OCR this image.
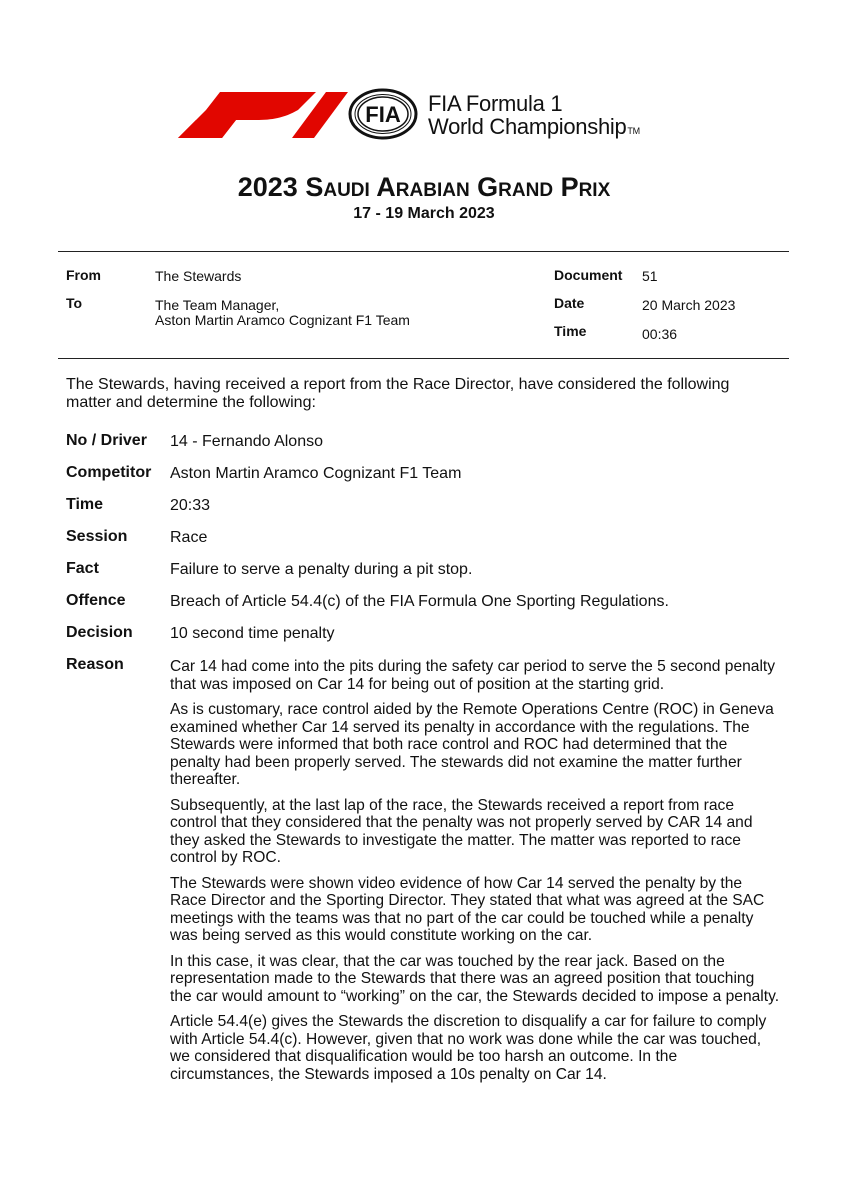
FIA FIA Formula 1
World ChampionshipTM
2023 Saudi Arabian Grand Prix
17 - 19 March 2023
From	The Stewards
To	The Team Manager,
Aston Martin Aramco Cognizant F1 Team
Document 51
Date	20 March 2023
Time	00:36
The Stewards, having received a report from the Race Director, have considered the following matter and determine the following:
No / Driver 14 - Fernando Alonso
Competitor Aston Martin Aramco Cognizant F1 Team
Time	20:33
Session	Race
Fact	Failure to serve a penalty during a pit stop.
Offence	Breach of Article 54.4(c) of the FIA Formula One Sporting Regulations.
Decision 10 second time penalty
Reason	Car 14 had come into the pits during the safety car period to serve the 5 second penalty that was imposed on Car 14 for being out of position at the starting grid.

As is customary, race control aided by the Remote Operations Centre (ROC) in Geneva examined whether Car 14 served its penalty in accordance with the regulations. The Stewards were informed that both race control and ROC had determined that the penalty had been properly served. The stewards did not examine the matter further thereafter.

Subsequently, at the last lap of the race, the Stewards received a report from race control that they considered that the penalty was not properly served by CAR 14 and they asked the Stewards to investigate the matter. The matter was reported to race control by ROC.

The Stewards were shown video evidence of how Car 14 served the penalty by the Race Director and the Sporting Director. They stated that what was agreed at the SAC meetings with the teams was that no part of the car could be touched while a penalty was being served as this would constitute working on the car.

In this case, it was clear, that the car was touched by the rear jack. Based on the representation made to the Stewards that there was an agreed position that touching the car would amount to “working” on the car, the Stewards decided to impose a penalty.

Article 54.4(e) gives the Stewards the discretion to disqualify a car for failure to comply with Article 54.4(c). However, given that no work was done while the car was touched, we considered that disqualification would be too harsh an outcome. In the circumstances, the Stewards imposed a 10s penalty on Car 14.
